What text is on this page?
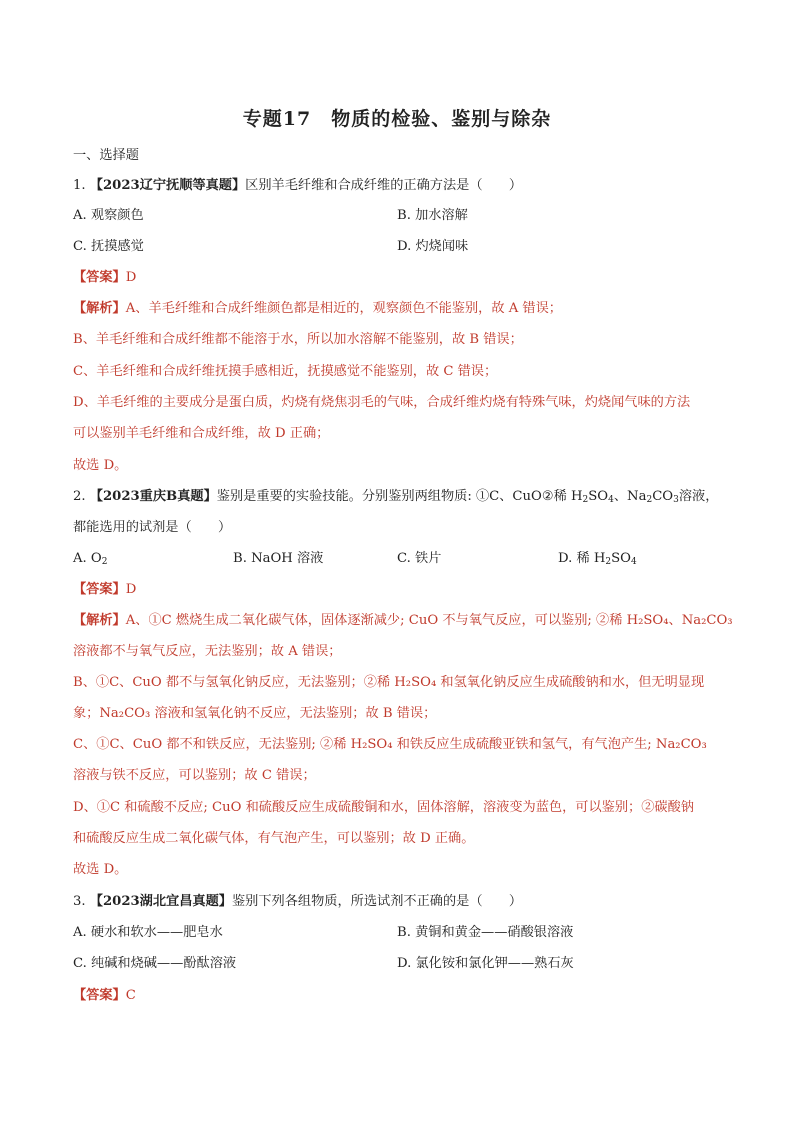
专题17　物质的检验、鉴别与除杂
一、选择题
1. 【2023辽宁抚顺等真题】区别羊毛纤维和合成纤维的正确方法是（　　）
A. 观察颜色	B. 加水溶解
C. 抚摸感觉	D. 灼烧闻味
【答案】D
【解析】A、羊毛纤维和合成纤维颜色都是相近的，观察颜色不能鉴别，故 A 错误；
B、羊毛纤维和合成纤维都不能溶于水，所以加水溶解不能鉴别，故 B 错误；
C、羊毛纤维和合成纤维抚摸手感相近，抚摸感觉不能鉴别，故 C 错误；
D、羊毛纤维的主要成分是蛋白质，灼烧有烧焦羽毛的气味，合成纤维灼烧有特殊气味，灼烧闻气味的方法
可以鉴别羊毛纤维和合成纤维，故 D 正确；
故选 D。
2. 【2023重庆B真题】鉴别是重要的实验技能。分别鉴别两组物质: ①C、CuO②稀 $H_2SO_4$、$Na_2CO_3$溶液，
都能选用的试剂是（　　）
A. $O_2$	B. NaOH 溶液	C. 铁片	D. 稀 $H_2SO_4$
【答案】D
【解析】A、①C 燃烧生成二氧化碳气体，固体逐渐减少; CuO 不与氧气反应，可以鉴别; ②稀 H₂SO₄、Na₂CO₃
溶液都不与氧气反应，无法鉴别；故 A 错误；
B、①C、CuO 都不与氢氧化钠反应，无法鉴别；②稀 H₂SO₄ 和氢氧化钠反应生成硫酸钠和水，但无明显现
象；Na₂CO₃ 溶液和氢氧化钠不反应，无法鉴别；故 B 错误；
C、①C、CuO 都不和铁反应，无法鉴别; ②稀 H₂SO₄ 和铁反应生成硫酸亚铁和氢气，有气泡产生; Na₂CO₃
溶液与铁不反应，可以鉴别；故 C 错误；
D、①C 和硫酸不反应; CuO 和硫酸反应生成硫酸铜和水，固体溶解，溶液变为蓝色，可以鉴别；②碳酸钠
和硫酸反应生成二氧化碳气体，有气泡产生，可以鉴别；故 D 正确。
故选 D。
3. 【2023湖北宜昌真题】鉴别下列各组物质，所选试剂不正确的是（　　）
A. 硬水和软水——肥皂水	B. 黄铜和黄金——硝酸银溶液
C. 纯碱和烧碱——酚酞溶液	D. 氯化铵和氯化钾——熟石灰
【答案】C
